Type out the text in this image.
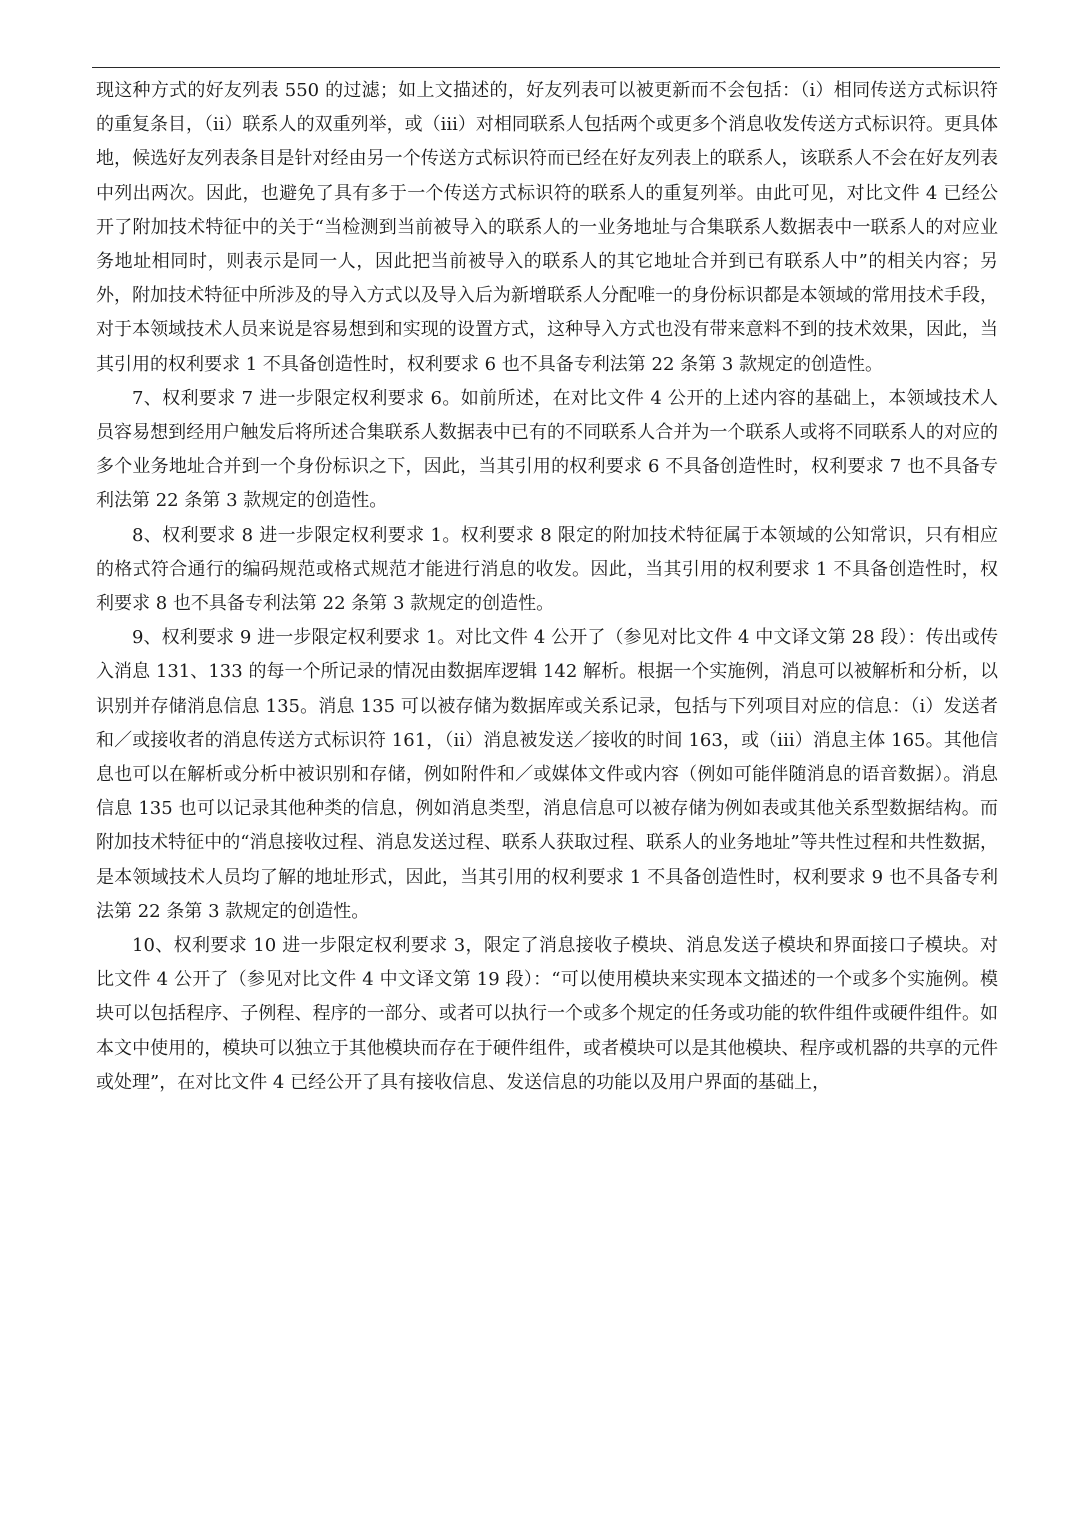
现这种方式的好友列表 550 的过滤；如上文描述的，好友列表可以被更新而不会包括：（i）相同传送方式标识符的重复条目，（ii）联系人的双重列举，或（iii）对相同联系人包括两个或更多个消息收发传送方式标识符。更具体地，候选好友列表条目是针对经由另一个传送方式标识符而已经在好友列表上的联系人，该联系人不会在好友列表中列出两次。因此，也避免了具有多于一个传送方式标识符的联系人的重复列举。由此可见，对比文件 4 已经公开了附加技术特征中的关于“当检测到当前被导入的联系人的一业务地址与合集联系人数据表中一联系人的对应业务地址相同时，则表示是同一人，因此把当前被导入的联系人的其它地址合并到已有联系人中”的相关内容；另外，附加技术特征中所涉及的导入方式以及导入后为新增联系人分配唯一的身份标识都是本领域的常用技术手段，对于本领域技术人员来说是容易想到和实现的设置方式，这种导入方式也没有带来意料不到的技术效果，因此，当其引用的权利要求 1 不具备创造性时，权利要求 6 也不具备专利法第 22 条第 3 款规定的创造性。

7、权利要求 7 进一步限定权利要求 6。如前所述，在对比文件 4 公开的上述内容的基础上，本领域技术人员容易想到经用户触发后将所述合集联系人数据表中已有的不同联系人合并为一个联系人或将不同联系人的对应的多个业务地址合并到一个身份标识之下，因此，当其引用的权利要求 6 不具备创造性时，权利要求 7 也不具备专利法第 22 条第 3 款规定的创造性。

8、权利要求 8 进一步限定权利要求 1。权利要求 8 限定的附加技术特征属于本领域的公知常识，只有相应的格式符合通行的编码规范或格式规范才能进行消息的收发。因此，当其引用的权利要求 1 不具备创造性时，权利要求 8 也不具备专利法第 22 条第 3 款规定的创造性。

9、权利要求 9 进一步限定权利要求 1。对比文件 4 公开了（参见对比文件 4 中文译文第 28 段）：传出或传入消息 131、133 的每一个所记录的情况由数据库逻辑 142 解析。根据一个实施例，消息可以被解析和分析，以识别并存储消息信息 135。消息 135 可以被存储为数据库或关系记录，包括与下列项目对应的信息：（i）发送者和／或接收者的消息传送方式标识符 161，（ii）消息被发送／接收的时间 163，或（iii）消息主体 165。其他信息也可以在解析或分析中被识别和存储，例如附件和／或媒体文件或内容（例如可能伴随消息的语音数据）。消息信息 135 也可以记录其他种类的信息，例如消息类型，消息信息可以被存储为例如表或其他关系型数据结构。而附加技术特征中的“消息接收过程、消息发送过程、联系人获取过程、联系人的业务地址”等共性过程和共性数据，是本领域技术人员均了解的地址形式，因此，当其引用的权利要求 1 不具备创造性时，权利要求 9 也不具备专利法第 22 条第 3 款规定的创造性。

10、权利要求 10 进一步限定权利要求 3，限定了消息接收子模块、消息发送子模块和界面接口子模块。对比文件 4 公开了（参见对比文件 4 中文译文第 19 段）：“可以使用模块来实现本文描述的一个或多个实施例。模块可以包括程序、子例程、程序的一部分、或者可以执行一个或多个规定的任务或功能的软件组件或硬件组件。如本文中使用的，模块可以独立于其他模块而存在于硬件组件，或者模块可以是其他模块、程序或机器的共享的元件或处理”，在对比文件 4 已经公开了具有接收信息、发送信息的功能以及用户界面的基础上，
